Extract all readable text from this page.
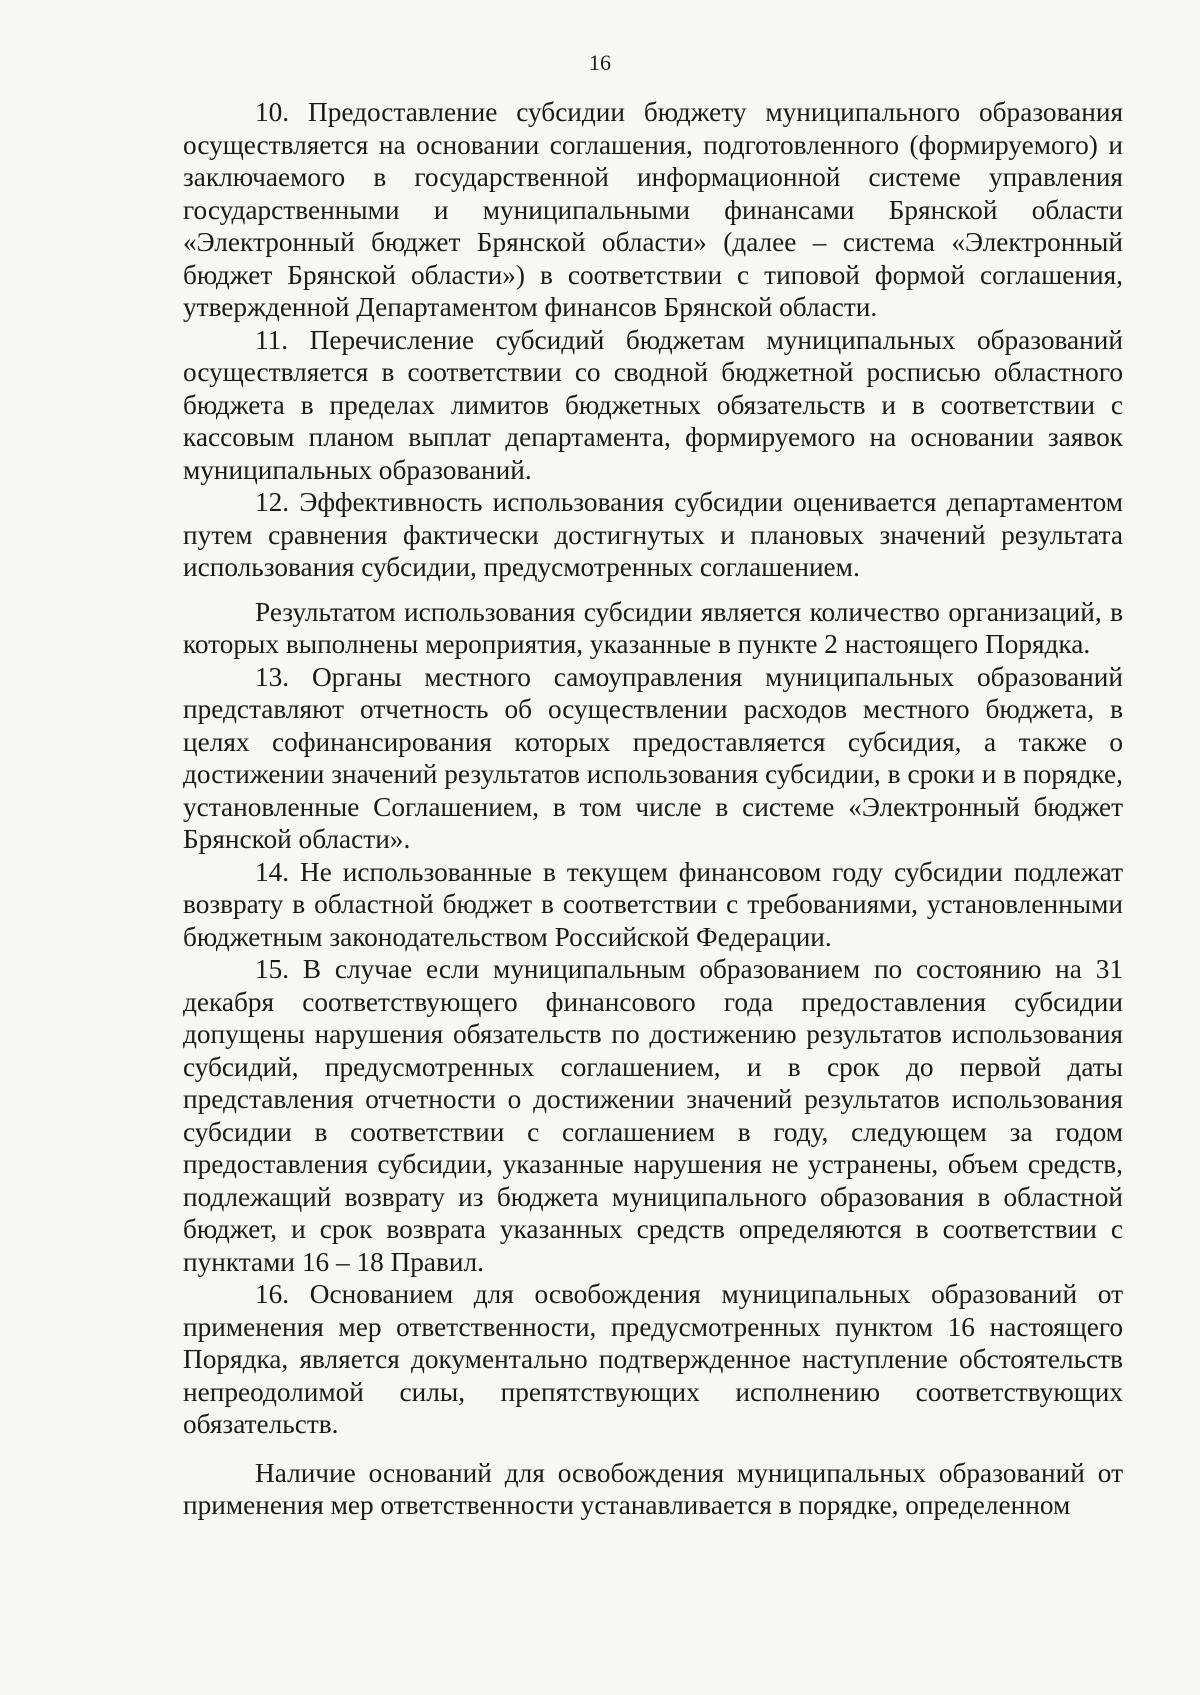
16

10. Предоставление субсидии бюджету муниципального образования осуществляется на основании соглашения, подготовленного (формируемого) и заключаемого в государственной информационной системе управления государственными и муниципальными финансами Брянской области «Электронный бюджет Брянской области» (далее – система «Электронный бюджет Брянской области») в соответствии с типовой формой соглашения, утвержденной Департаментом финансов Брянской области.

11. Перечисление субсидий бюджетам муниципальных образований осуществляется в соответствии со сводной бюджетной росписью областного бюджета в пределах лимитов бюджетных обязательств и в соответствии с кассовым планом выплат департамента, формируемого на основании заявок муниципальных образований.

12. Эффективность использования субсидии оценивается департаментом путем сравнения фактически достигнутых и плановых значений результата использования субсидии, предусмотренных соглашением.

Результатом использования субсидии является количество организаций, в которых выполнены мероприятия, указанные в пункте 2 настоящего Порядка.

13. Органы местного самоуправления муниципальных образований представляют отчетность об осуществлении расходов местного бюджета, в целях софинансирования которых предоставляется субсидия, а также о достижении значений результатов использования субсидии, в сроки и в порядке, установленные Соглашением, в том числе в системе «Электронный бюджет Брянской области».

14. Не использованные в текущем финансовом году субсидии подлежат возврату в областной бюджет в соответствии с требованиями, установленными бюджетным законодательством Российской Федерации.

15. В случае если муниципальным образованием по состоянию на 31 декабря соответствующего финансового года предоставления субсидии допущены нарушения обязательств по достижению результатов использования субсидий, предусмотренных соглашением, и в срок до первой даты представления отчетности о достижении значений результатов использования субсидии в соответствии с соглашением в году, следующем за годом предоставления субсидии, указанные нарушения не устранены, объем средств, подлежащий возврату из бюджета муниципального образования в областной бюджет, и срок возврата указанных средств определяются в соответствии с пунктами 16 – 18 Правил.

16. Основанием для освобождения муниципальных образований от применения мер ответственности, предусмотренных пунктом 16 настоящего Порядка, является документально подтвержденное наступление обстоятельств непреодолимой силы, препятствующих исполнению соответствующих обязательств.

Наличие оснований для освобождения муниципальных образований от применения мер ответственности устанавливается в порядке, определенном
